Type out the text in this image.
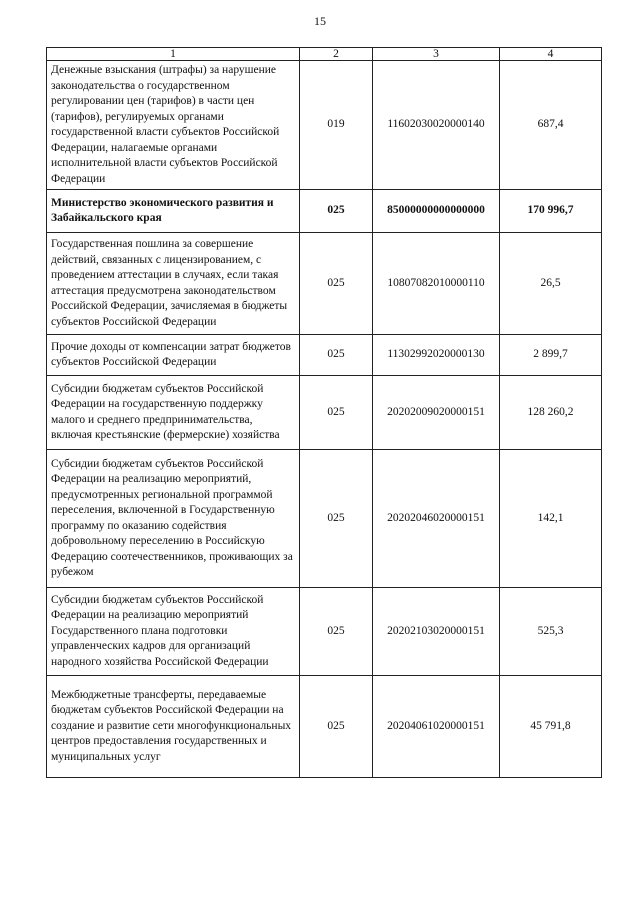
15
1	2	3	4
Денежные взыскания (штрафы) за нарушение законодательства о государственном регулировании цен (тарифов) в части цен (тарифов), регулируемых органами государственной власти субъектов Российской Федерации, налагаемые органами исполнительной власти субъектов Российской Федерации	019	11602030020000140	687,4
Министерство экономического развития и Забайкальского края	025	85000000000000000	170 996,7
Государственная пошлина за совершение действий, связанных с лицензированием, с проведением аттестации в случаях, если такая аттестация предусмотрена законодательством Российской Федерации, зачисляемая в бюджеты субъектов Российской Федерации	025	10807082010000110	26,5
Прочие доходы от компенсации затрат бюджетов субъектов Российской Федерации	025	11302992020000130	2 899,7
Субсидии бюджетам субъектов Российской Федерации на государственную поддержку малого и среднего предпринимательства, включая крестьянские (фермерские) хозяйства	025	20202009020000151	128 260,2
Субсидии бюджетам субъектов Российской Федерации на реализацию мероприятий, предусмотренных региональной программой переселения, включенной в Государственную программу по оказанию содействия добровольному переселению в Российскую Федерацию соотечественников, проживающих за рубежом	025	20202046020000151	142,1
Субсидии бюджетам субъектов Российской Федерации на реализацию мероприятий Государственного плана подготовки управленческих кадров для организаций народного хозяйства Российской Федерации	025	20202103020000151	525,3
Межбюджетные трансферты, передаваемые бюджетам субъектов Российской Федерации на создание и развитие сети многофункциональных центров предоставления государственных и муниципальных услуг	025	20204061020000151	45 791,8
